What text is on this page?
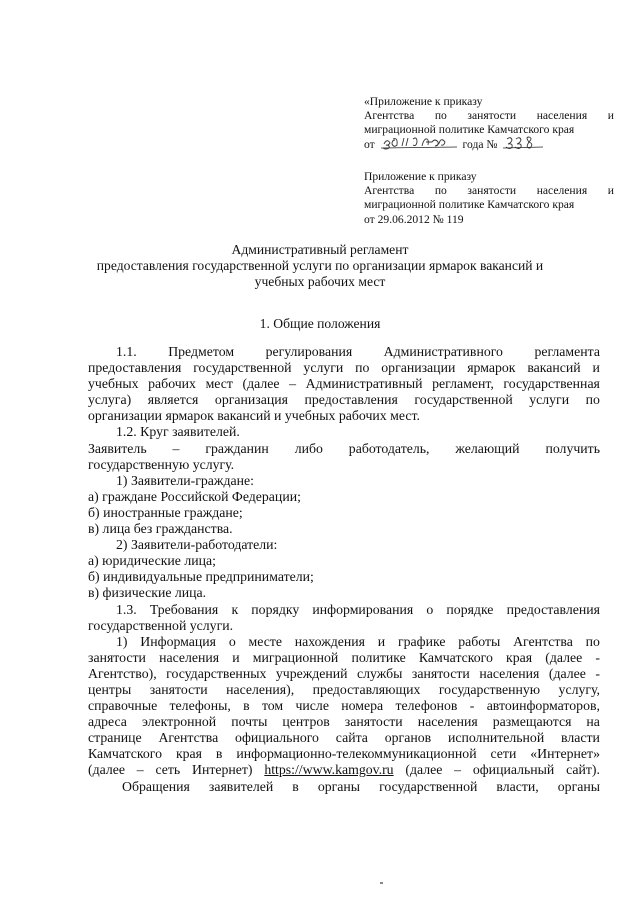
«Приложение к приказу
Агентства по занятости населения и
миграционной политике Камчатского края
от	года №
Приложение к приказу
Агентства по занятости населения и
миграционной политике Камчатского края
от 29.06.2012 № 119
Административный регламент
предоставления государственной услуги по организации ярмарок вакансий и
учебных рабочих мест
1. Общие положения
1.1. Предметом регулирования Административного регламента
предоставления государственной услуги по организации ярмарок вакансий и
учебных рабочих мест (далее – Административный регламент, государственная
услуга) является организация предоставления государственной услуги по
организации ярмарок вакансий и учебных рабочих мест.
1.2. Круг заявителей.
Заявитель – гражданин либо работодатель, желающий получить
государственную услугу.
1) Заявители-граждане:
а) граждане Российской Федерации;
б) иностранные граждане;
в) лица без гражданства.
2) Заявители-работодатели:
а) юридические лица;
б) индивидуальные предприниматели;
в) физические лица.
1.3. Требования к порядку информирования о порядке предоставления
государственной услуги.
1) Информация о месте нахождения и графике работы Агентства по
занятости населения и миграционной политике Камчатского края (далее -
Агентство), государственных учреждений службы занятости населения (далее -
центры занятости населения), предоставляющих государственную услугу,
справочные телефоны, в том числе номера телефонов - автоинформаторов,
адреса электронной почты центров занятости населения размещаются на
странице Агентства официального сайта органов исполнительной власти
Камчатского края в информационно-телекоммуникационной сети «Интернет»
(далее – сеть Интернет) https://www.kamgov.ru (далее – официальный сайт).
Обращения заявителей в органы государственной власти, органы
